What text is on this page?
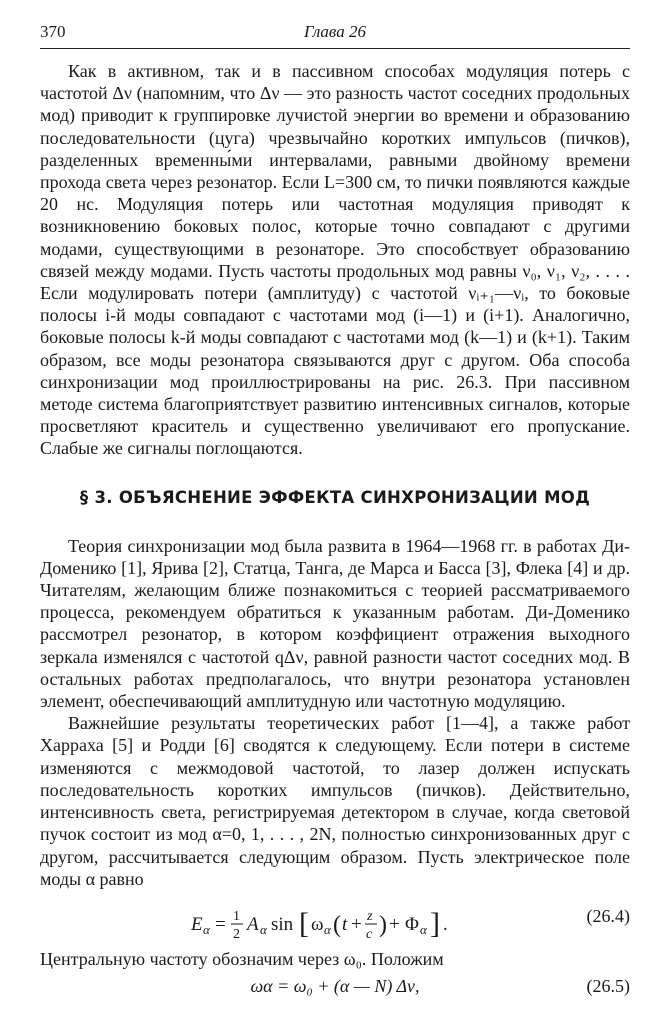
370	Глава 26

Как в активном, так и в пассивном способах модуляция потерь с частотой Δν (напомним, что Δν — это разность частот соседних продольных мод) приводит к группировке лучистой энергии во времени и образованию последовательности (цуга) чрезвычайно коротких импульсов (пичков), разделенных временны́ми интервалами, равными двойному времени прохода света через резонатор. Если L=300 см, то пички появляются каждые 20 нс. Модуляция потерь или частотная модуляция приводят к возникновению боковых полос, которые точно совпадают с другими модами, существующими в резонаторе. Это способствует образованию связей между модами. Пусть частоты продольных мод равны ν₀, ν₁, ν₂, . . . . Если модулировать потери (амплитуду) с частотой νᵢ₊₁—νᵢ, то боковые полосы i-й моды совпадают с частотами мод (i—1) и (i+1). Аналогично, боковые полосы k-й моды совпадают с частотами мод (k—1) и (k+1). Таким образом, все моды резонатора связываются друг с другом. Оба способа синхронизации мод проиллюстрированы на рис. 26.3. При пассивном методе система благоприятствует развитию интенсивных сигналов, которые просветляют краситель и существенно увеличивают его пропускание. Слабые же сигналы поглощаются.

§ 3. ОБЪЯСНЕНИЕ ЭФФЕКТА СИНХРОНИЗАЦИИ МОД

Теория синхронизации мод была развита в 1964—1968 гг. в работах Ди-Доменико [1], Ярива [2], Статца, Танга, де Марса и Басса [3], Флека [4] и др. Читателям, желающим ближе познакомиться с теорией рассматриваемого процесса, рекомендуем обратиться к указанным работам. Ди-Доменико рассмотрел резонатор, в котором коэффициент отражения выходного зеркала изменялся с частотой qΔν, равной разности частот соседних мод. В остальных работах предполагалось, что внутри резонатора установлен элемент, обеспечивающий амплитудную или частотную модуляцию.

Важнейшие результаты теоретических работ [1—4], а также работ Харраха [5] и Родди [6] сводятся к следующему. Если потери в системе изменяются с межмодовой частотой, то лазер должен испускать последовательность коротких импульсов (пичков). Действительно, интенсивность света, регистрируемая детектором в случае, когда световой пучок состоит из мод α=0, 1, . . . , 2N, полностью синхронизованных друг с другом, рассчитывается следующим образом. Пусть электрическое поле моды α равно

E α = 1
2 A α sin [ ω α ( t + z
c ) + Φ α ] .	(26.4)

Центральную частоту обозначим через ω₀. Положим

ωα = ω₀ + (α — N) Δν,	(26.5)
